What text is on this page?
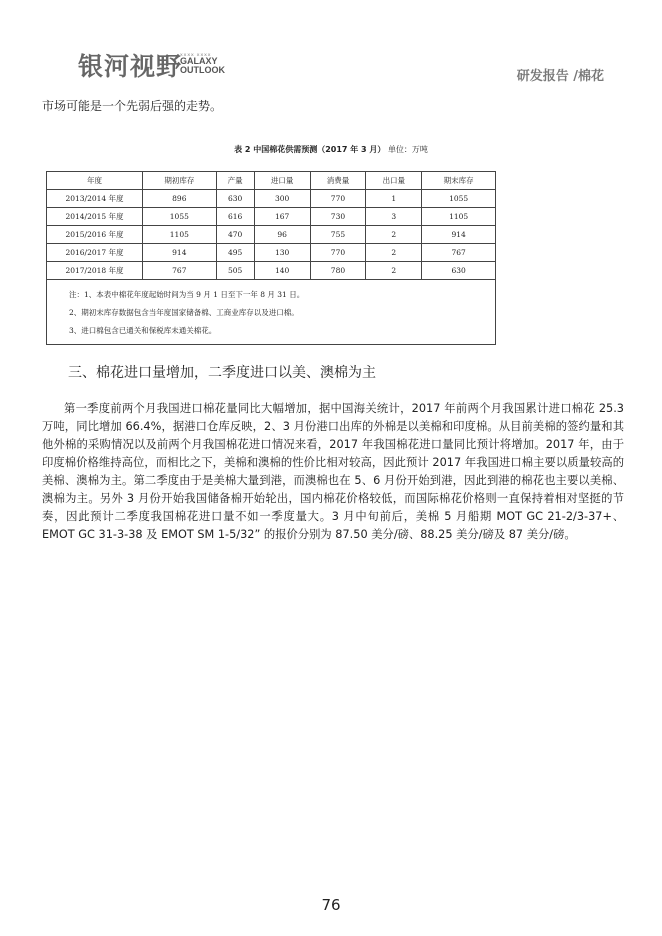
银河视野
XXXX XXXX
GALAXY
OUTLOOK	研发报告 /棉花
市场可能是一个先弱后强的走势。
表 2 中国棉花供需预测（2017 年 3 月） 单位：万吨
年度	期初库存	产量	进口量	消费量	出口量	期末库存
2013/2014 年度	896	630	300	770	1	1055
2014/2015 年度	1055	616	167	730	3	1105
2015/2016 年度	1105	470	96	755	2	914
2016/2017 年度	914	495	130	770	2	767
2017/2018 年度	767	505	140	780	2	630

注：1、本表中棉花年度起始时间为当 9 月 1 日至下一年 8 月 31 日。
2、期初末库存数据包含当年度国家储备棉、工商业库存以及进口棉。
3、进口棉包含已通关和保税库未通关棉花。						
三、棉花进口量增加，二季度进口以美、澳棉为主
第一季度前两个月我国进口棉花量同比大幅增加，据中国海关统计，2017 年前两个月我国累计进口棉花 25.3 万吨，同比增加 66.4%，据港口仓库反映，2、3 月份港口出库的外棉是以美棉和印度棉。从目前美棉的签约量和其他外棉的采购情况以及前两个月我国棉花进口情况来看，2017 年我国棉花进口量同比预计将增加。2017 年，由于印度棉价格维持高位，而相比之下，美棉和澳棉的性价比相对较高，因此预计 2017 年我国进口棉主要以质量较高的美棉、澳棉为主。第二季度由于是美棉大量到港，而澳棉也在 5、6 月份开始到港，因此到港的棉花也主要以美棉、澳棉为主。另外 3 月份开始我国储备棉开始轮出，国内棉花价格较低，而国际棉花价格则一直保持着相对坚挺的节奏，因此预计二季度我国棉花进口量不如一季度量大。3 月中旬前后，美棉 5 月船期 MOT GC 21-2/3-37+、EMOT GC 31-3-38 及 EMOT SM 1-5/32” 的报价分别为 87.50 美分/磅、88.25 美分/磅及 87 美分/磅。
76
